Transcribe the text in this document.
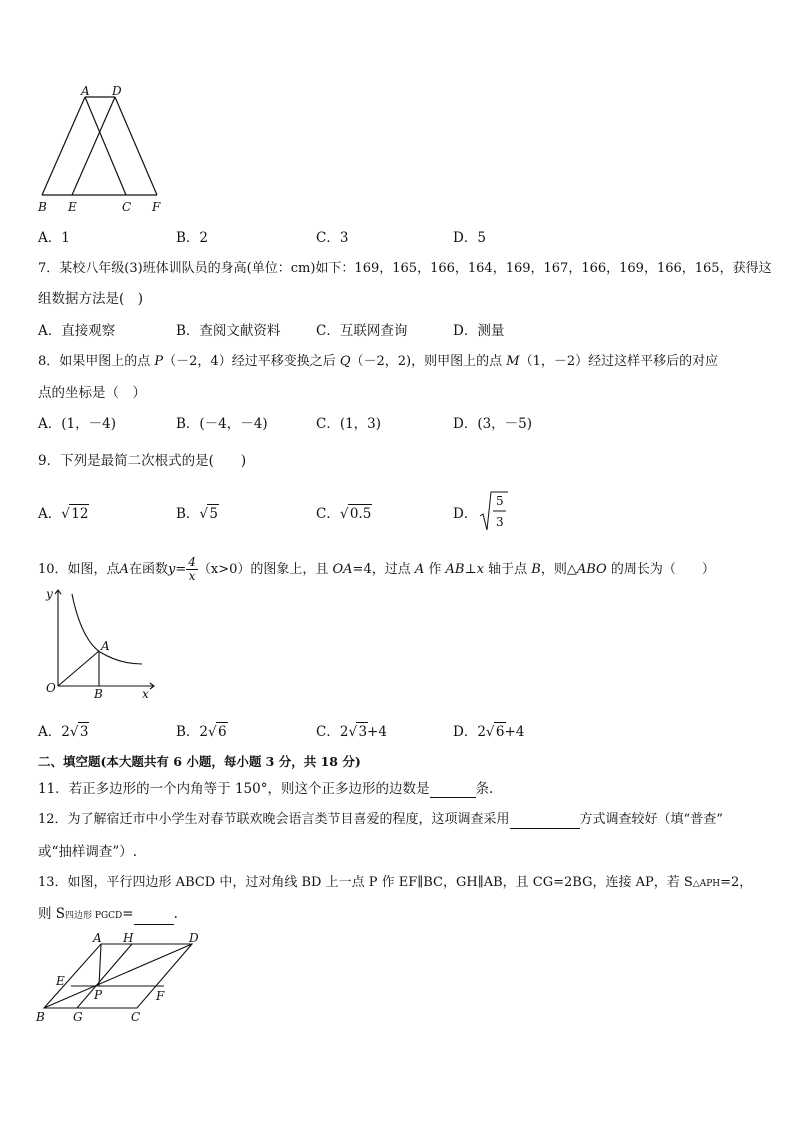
A D
B E	C F
A．1	B．2	C．3	D．5
7．某校八年级(3)班体训队员的身高(单位：cm)如下：169，165，166，164，169，167，166，169，166，165，获得这
组数据方法是(　)
A．直接观察	B．查阅文献资料	C．互联网查询	D．测量
8．如果甲图上的点 P（－2，4）经过平移变换之后 Q（－2，2)，则甲图上的点 M（1，－2）经过这样平移后的对应
点的坐标是（　）
A．(1，－4)	B．(－4，－4)	C．(1，3)	D．(3，－5)
9．下列是最简二次根式的是(　　)
A． √ 12	B． √ 5	C． √ 0.5	D．
5
3
10．如图，点A在函数$y= \frac{4}{x} (x>0)$的图象上，且 OA=4，过点 A 作 AB⊥x 轴于点 B，则△ABO 的周长为（　　）
y
A
O	B	x
A．2 √ 3	B．2 √ 6	C．2 √ 3+4	D．2 √ 6+4
二、填空题(本大题共有 6 小题，每小题 3 分，共 18 分)
11．若正多边形的一个内角等于 150°，则这个正多边形的边数是	条.
12．为了解宿迁市中小学生对春节联欢晚会语言类节目喜爱的程度，这项调查采用	方式调查较好（填“普查”
或“抽样调查”）.
13．如图，平行四边形 ABCD 中，过对角线 BD 上一点 P 作 EF∥BC，GH∥AB，且 CG=2BG，连接 AP，若 S△APH=2，
则 S四边形 PGCD=	.
A H	D
E
P	F
B G	C
